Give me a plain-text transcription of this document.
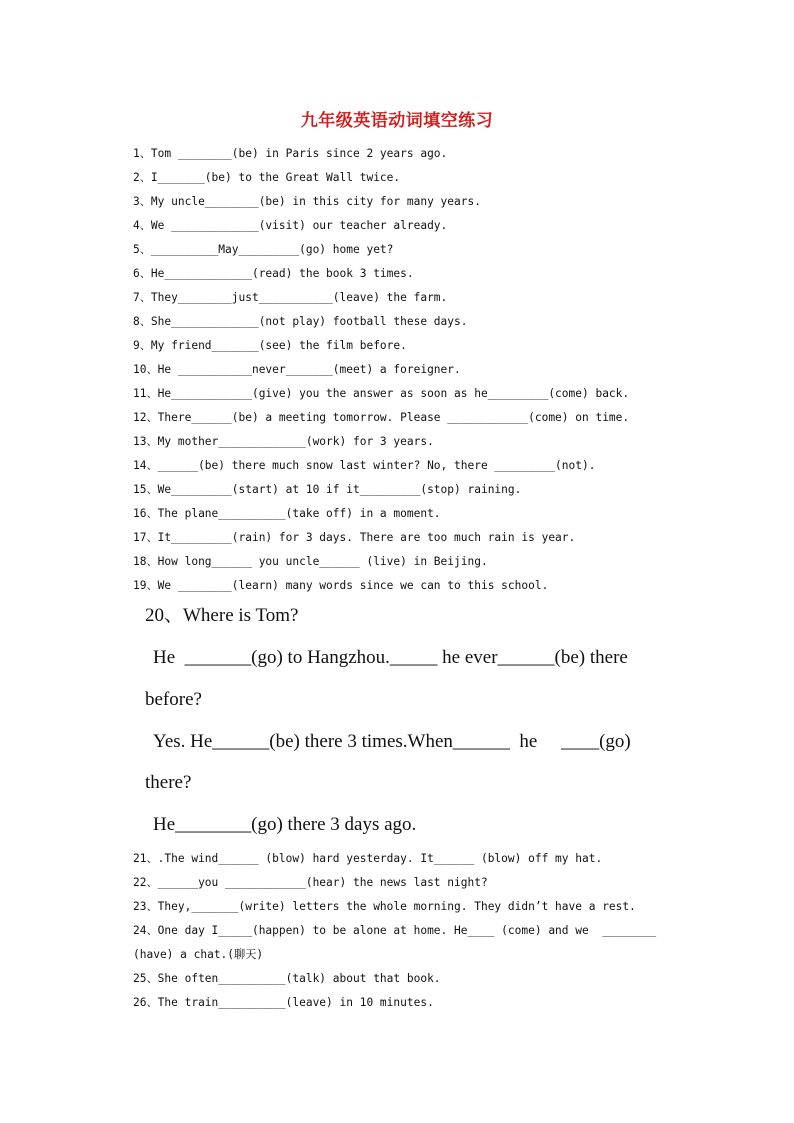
九年级英语动词填空练习
1、Tom ________(be) in Paris since 2 years ago.
2、I_______(be) to the Great Wall twice.
3、My uncle________(be) in this city for many years.
4、We _____________(visit) our teacher already.
5、__________May_________(go) home yet?
6、He_____________(read) the book 3 times.
7、They________just___________(leave) the farm.
8、She_____________(not play) football these days.
9、My friend_______(see) the film before.
10、He ___________never_______(meet) a foreigner.
11、He____________(give) you the answer as soon as he_________(come) back.
12、There______(be) a meeting tomorrow. Please ____________(come) on time.
13、My mother_____________(work) for 3 years.
14、______(be) there much snow last winter? No, there _________(not).
15、We_________(start) at 10 if it_________(stop) raining.
16、The plane__________(take off) in a moment.
17、It_________(rain) for 3 days. There are too much rain is year.
18、How long______ you uncle______ (live) in Beijing.
19、We ________(learn) many words since we can to this school.
20、Where is Tom?
He  _______(go) to Hangzhou._____ he ever______(be) there
before?
Yes. He______(be) there 3 times.When______  he     ____(go)
there?
He________(go) there 3 days ago.
21、.The wind______ (blow) hard yesterday. It______ (blow) off my hat.
22、______you ____________(hear) the news last night?
23、They,_______(write) letters the whole morning. They didn’t have a rest.
24、One day I_____(happen) to be alone at home. He____ (come) and we  ________
(have) a chat.(聊天)
25、She often__________(talk) about that book.
26、The train__________(leave) in 10 minutes.
